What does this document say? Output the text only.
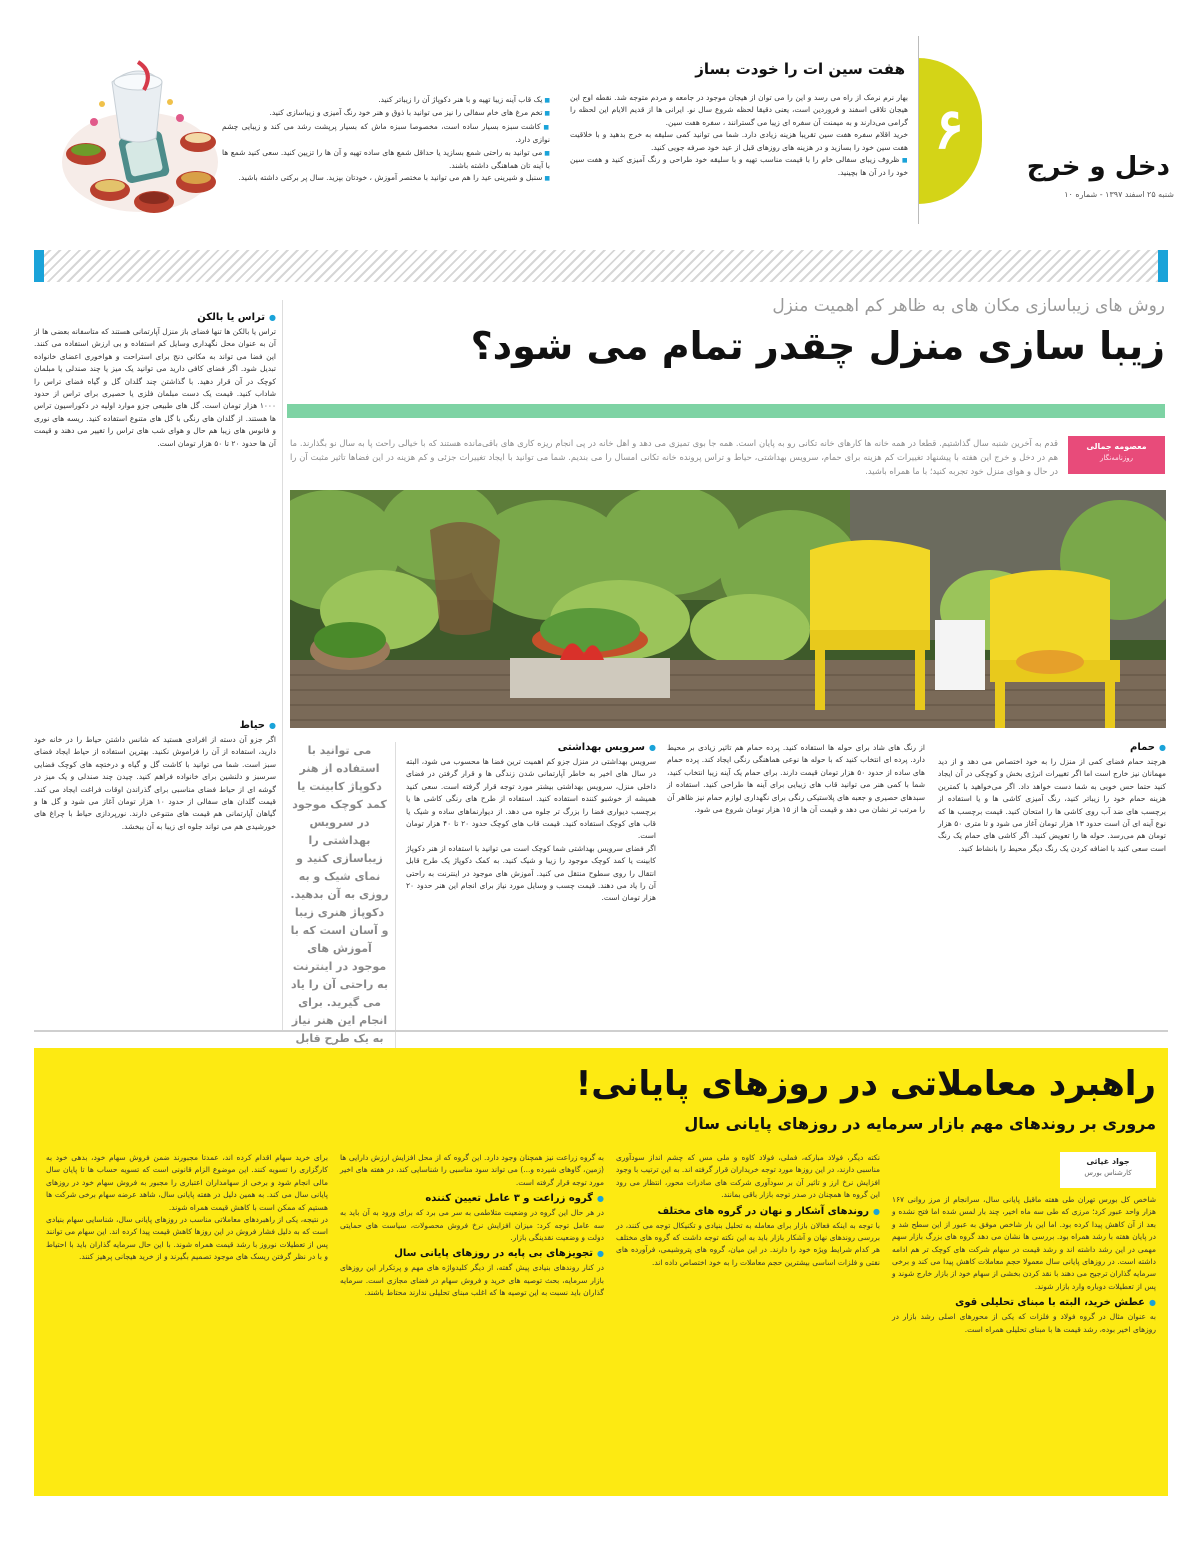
۶
دخل و خرج
شنبه ۲۵ اسفند ۱۳۹۷ - شماره ۱۰
هفت سین ات را خودت بساز

بهار نرم نرمک از راه می رسد و این را می توان از هیجان موجود در جامعه و مردم متوجه شد. نقطه اوج این هیجان تلاقی اسفند و فروردین است، یعنی دقیقا لحظه شروع سال نو. ایرانی ها از قدیم الایام این لحظه را گرامی می‌دارند و به میمنت آن سفره ای زیبا می گسترانند ، سفره هفت سین.

خرید اقلام سفره هفت سین تقریبا هزینه زیادی دارد. شما می توانید کمی سلیقه به خرج بدهید و با خلاقیت هفت سین خود را بسازید و در هزینه های روزهای قبل از عید خود صرفه جویی کنید.

■ ظروف زیبای سفالی خام را با قیمت مناسب تهیه و با سلیقه خود طراحی و رنگ آمیزی کنید و هفت سین خود را در آن ها بچینید.

■ یک قاب آینه زیبا تهیه و با هنر دکوپاژ آن را زیباتر کنید.

■ تخم مرغ های خام سفالی را نیز می توانید با ذوق و هنر خود رنگ آمیزی و زیباسازی کنید.

■ کاشت سبزه بسیار ساده است، مخصوصا سبزه ماش که بسیار پرپشت رشد می کند و زیبایی چشم نوازی دارد.

■ می توانید به راحتی شمع بسازید یا حداقل شمع های ساده تهیه و آن ها را تزیین کنید. سعی کنید شمع ها با آینه تان هماهنگی داشته باشند.

■ سنبل و شیرینی عید را هم می توانید با مختصر آموزش ، خودتان بپزید. سال پر برکتی داشته باشید.

روش های زیباسازی مکان های به ظاهر کم اهمیت منزل
زیبا سازی منزل چقدر تمام می شود؟
معصومه جمالی
روزنامه‌نگار

قدم به آخرین شنبه سال گذاشتیم. قطعا در همه خانه ها کارهای خانه تکانی رو به پایان است. همه جا بوی تمیزی می دهد و اهل خانه در پی انجام ریزه کاری های باقی‌مانده هستند که با خیالی راحت پا به سال نو بگذارند. ما هم در دخل و خرج این هفته با پیشنهاد تغییرات کم هزینه برای حمام، سرویس بهداشتی، حیاط و تراس پرونده خانه تکانی امسال را می بندیم. شما می توانید با ایجاد تغییرات جزئی و کم هزینه در این فضاها تاثیر مثبت آن را در حال و هوای منزل خود تجربه کنید؛ با ما همراه باشید.

● حمام

هرچند حمام فضای کمی از منزل را به خود اختصاص می دهد و از دید مهمانان نیز خارج است اما اگر تغییرات انرژی بخش و کوچکی در آن ایجاد کنید حتما حس خوبی به شما دست خواهد داد. اگر می‌خواهید با کمترین هزینه حمام خود را زیباتر کنید، رنگ آمیزی کاشی ها و یا استفاده از برچسب های ضد آب روی کاشی ها را امتحان کنید. قیمت برچسب ها که نوع آینه ای آن است حدود ۱۳ هزار تومان آغاز می شود و تا متری ۵۰ هزار تومان هم می‌رسد. حوله ها را تعویض کنید. اگر کاشی های حمام یک رنگ است سعی کنید با اضافه کردن یک رنگ دیگر محیط را بانشاط کنید.

از رنگ های شاد برای حوله ها استفاده کنید. پرده حمام هم تاثیر زیادی بر محیط دارد. پرده ای انتخاب کنید که با حوله ها نوعی هماهنگی رنگی ایجاد کند. پرده حمام های ساده از حدود ۵۰ هزار تومان قیمت دارند. برای حمام یک آینه زیبا انتخاب کنید، شما با کمی هنر می توانید قاب های زیبایی برای آینه ها طراحی کنید. استفاده از سبدهای حصیری و جعبه های پلاستیکی رنگی برای نگهداری لوازم حمام نیز ظاهر آن را مرتب تر نشان می دهد و قیمت آن ها از ۱۵ هزار تومان شروع می شود.

● سرویس بهداشتی

سرویس بهداشتی در منزل جزو کم اهمیت ترین فضا ها محسوب می شود، البته در سال های اخیر به خاطر آپارتمانی شدن زندگی ها و قرار گرفتن در فضای داخلی منزل، سرویس بهداشتی بیشتر مورد توجه قرار گرفته است. سعی کنید همیشه از خوشبو کننده استفاده کنید. استفاده از طرح های رنگی کاشی ها یا برچسب دیواری فضا را بزرگ تر جلوه می دهد. از دیوارنماهای ساده و شیک یا قاب های کوچک استفاده کنید. قیمت قاب های کوچک حدود ۲۰ تا ۴۰ هزار تومان است.

اگر فضای سرویس بهداشتی شما کوچک است می توانید با استفاده از هنر دکوپاژ کابینت یا کمد کوچک موجود را زیبا و شیک کنید. به کمک دکوپاژ یک طرح قابل انتقال را روی سطوح منتقل می کنید. آموزش های موجود در اینترنت به راحتی آن را یاد می دهند. قیمت چسب و وسایل مورد نیاز برای انجام این هنر حدود ۲۰ هزار تومان است.

می توانید با استفاده از هنر دکوپاژ کابینت یا کمد کوچک موجود در سرویس بهداشتی را زیباسازی کنید و نمای شیک و به روزی به آن بدهید. دکوپاژ هنری زیبا و آسان است که با آموزش های موجود در اینترنت به راحتی آن را یاد می گیرید. برای انجام این هنر نیاز به یک طرح قابل

● تراس یا بالکن

تراس یا بالکن ها تنها فضای باز منزل آپارتمانی هستند که متاسفانه بعضی ها از آن به عنوان محل نگهداری وسایل کم استفاده و بی ارزش استفاده می کنند. این فضا می تواند به مکانی دنج برای استراحت و هواخوری اعضای خانواده تبدیل شود. اگر فضای کافی دارید می توانید یک میز یا چند صندلی یا مبلمان کوچک در آن قرار دهید. با گذاشتن چند گلدان گل و گیاه فضای تراس را شاداب کنید. قیمت یک دست مبلمان فلزی یا حصیری برای تراس از حدود ۱۰۰۰ هزار تومان است. گل های طبیعی جزو موارد اولیه در دکوراسیون تراس ها هستند. از گلدان های رنگی با گل های متنوع استفاده کنید. ریسه های نوری و فانوس های زیبا هم حال و هوای شب های تراس را تغییر می دهند و قیمت آن ها حدود ۲۰ تا ۵۰ هزار تومان است.

● حیاط

اگر جزو آن دسته از افرادی هستید که شانس داشتن حیاط را در خانه خود دارید، استفاده از آن را فراموش نکنید. بهترین استفاده از حیاط ایجاد فضای سبز است. شما می توانید با کاشت گل و گیاه و درختچه های کوچک فضایی سرسبز و دلنشین برای خانواده فراهم کنید. چیدن چند صندلی و یک میز در گوشه ای از حیاط فضای مناسبی برای گذراندن اوقات فراغت ایجاد می کند. قیمت گلدان های سفالی از حدود ۱۰ هزار تومان آغاز می شود و گل ها و گیاهان آپارتمانی هم قیمت های متنوعی دارند. نورپردازی حیاط با چراغ های خورشیدی هم می تواند جلوه ای زیبا به آن ببخشد.

راهبرد معاملاتی در روزهای پایانی!
مروری بر روندهای مهم بازار سرمایه در روزهای پایانی سال
جواد غیاثی
کارشناس بورس

شاخص کل بورس تهران طی هفته ماقبل پایانی سال، سرانجام از مرز روانی ۱۶۷ هزار واحد عبور کرد؛ مرزی که طی سه ماه اخیر، چند بار لمس شده اما فتح نشده و بعد از آن کاهش پیدا کرده بود. اما این بار شاخص موفق به عبور از این سطح شد و در پایان هفته با رشد همراه بود. بررسی ها نشان می دهد گروه های بزرگ بازار سهم مهمی در این رشد داشته اند و رشد قیمت در سهام شرکت های کوچک تر هم ادامه داشته است. در روزهای پایانی سال معمولا حجم معاملات کاهش پیدا می کند و برخی سرمایه گذاران ترجیح می دهند با نقد کردن بخشی از سهام خود از بازار خارج شوند و پس از تعطیلات دوباره وارد بازار شوند.

● عطش خرید، البته با مبنای تحلیلی قوی

به عنوان مثال در گروه فولاد و فلزات که یکی از محورهای اصلی رشد بازار در روزهای اخیر بوده، رشد قیمت ها با مبنای تحلیلی همراه است.

نکته دیگر، فولاد مبارکه، فملی، فولاد کاوه و ملی مس که چشم انداز سودآوری مناسبی دارند، در این روزها مورد توجه خریداران قرار گرفته اند. به این ترتیب با وجود افزایش نرخ ارز و تاثیر آن بر سودآوری شرکت های صادرات محور، انتظار می رود این گروه ها همچنان در صدر توجه بازار باقی بمانند.

● روندهای آشکار و نهان در گروه های مختلف

با توجه به اینکه فعالان بازار برای معامله به تحلیل بنیادی و تکنیکال توجه می کنند، در بررسی روندهای نهان و آشکار بازار باید به این نکته توجه داشت که گروه های مختلف هر کدام شرایط ویژه خود را دارند. در این میان، گروه های پتروشیمی، فرآورده های نفتی و فلزات اساسی بیشترین حجم معاملات را به خود اختصاص داده اند.

به گروه زراعت نیز همچنان وجود دارد. این گروه که از محل افزایش ارزش دارایی ها (زمین، گاوهای شیرده و...) می تواند سود مناسبی را شناسایی کند، در هفته های اخیر مورد توجه قرار گرفته است.

● گروه زراعت و ۳ عامل تعیین کننده

در هر حال این گروه در وضعیت متلاطمی به سر می برد که برای ورود به آن باید به سه عامل توجه کرد: میزان افزایش نرخ فروش محصولات، سیاست های حمایتی دولت و وضعیت نقدینگی بازار.

● تجویزهای بی پایه در روزهای پایانی سال

در کنار روندهای بنیادی پیش گفته، از دیگر کلیدواژه های مهم و پرتکرار این روزهای بازار سرمایه، بحث توصیه های خرید و فروش سهام در فضای مجازی است. سرمایه گذاران باید نسبت به این توصیه ها که اغلب مبنای تحلیلی ندارند محتاط باشند.

برای خرید سهام اقدام کرده اند، عمدتا مجبورند ضمن فروش سهام خود، بدهی خود به کارگزاری را تسویه کنند. این موضوع الزام قانونی است که تسویه حساب ها تا پایان سال مالی انجام شود و برخی از سهامداران اعتباری را مجبور به فروش سهام خود در روزهای پایانی سال می کند. به همین دلیل در هفته پایانی سال، شاهد عرضه سهام برخی شرکت ها هستیم که ممکن است با کاهش قیمت همراه شوند.

در نتیجه، یکی از راهبردهای معاملاتی مناسب در روزهای پایانی سال، شناسایی سهام بنیادی است که به دلیل فشار فروش در این روزها کاهش قیمت پیدا کرده اند. این سهام می توانند پس از تعطیلات نوروز با رشد قیمت همراه شوند. با این حال سرمایه گذاران باید با احتیاط و با در نظر گرفتن ریسک های موجود تصمیم بگیرند و از خرید هیجانی پرهیز کنند.
